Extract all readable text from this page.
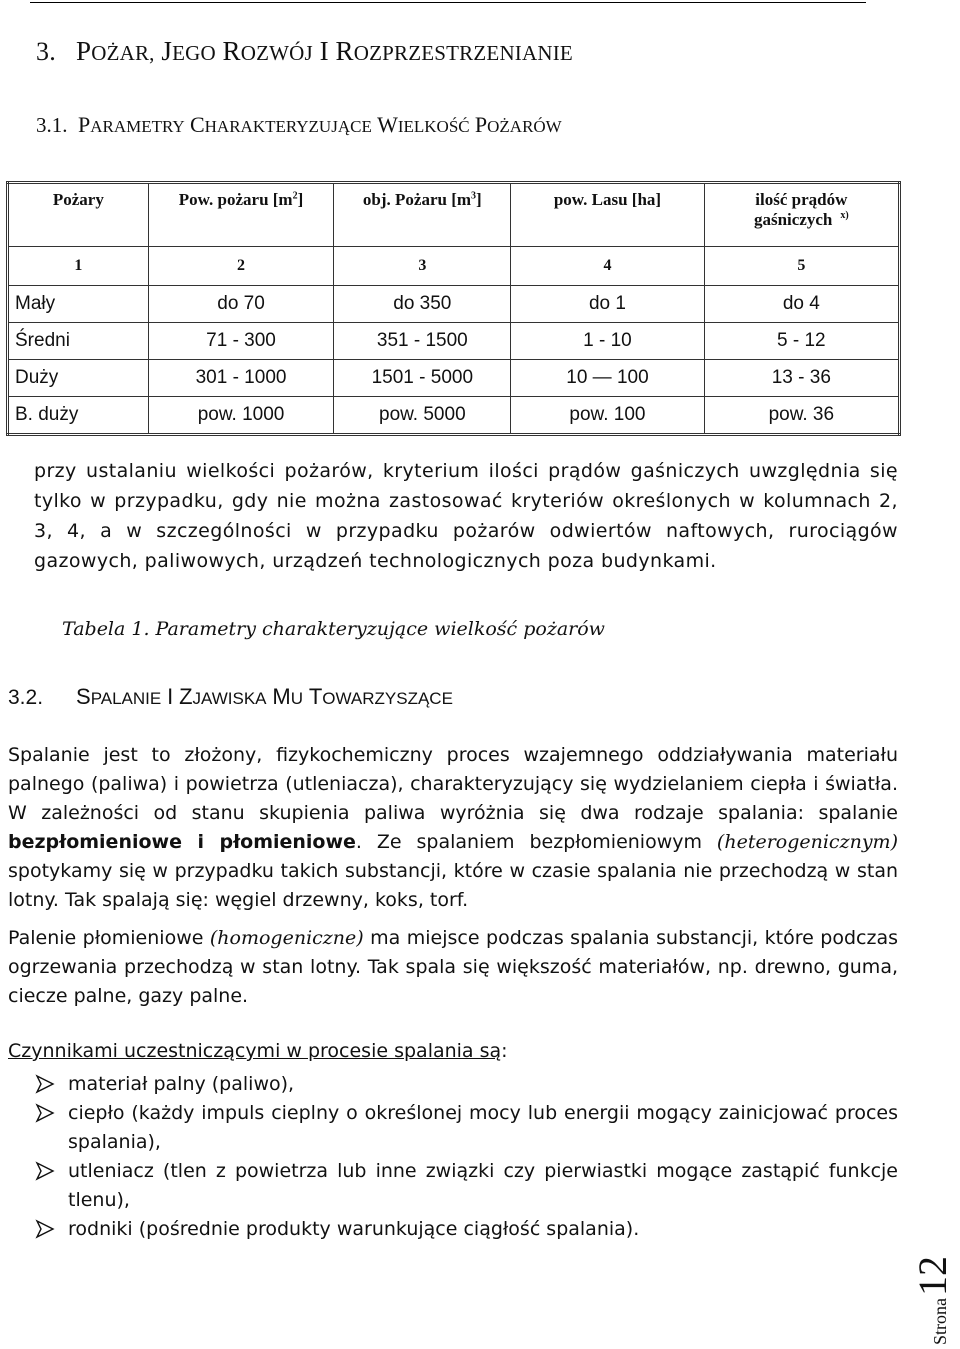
3. POŻAR, JEGO ROZWÓJ I ROZPRZESTRZENIANIE
3.1. PARAMETRY CHARAKTERYZUJĄCE WIELKOŚĆ POŻARÓW
Pożary	Pow. pożaru $[m^2]$	obj. Pożaru $[m^3]$	pow. Lasu [ha]	ilość prądów
gaśniczych $^{x)}$

1	2	3	4	5
Mały	do 70	do 350	do 1	do 4
Średni	71 - 300	351 - 1500	1 - 10	5 - 12
Duży	301 - 1000	1501 - 5000	10 — 100	13 - 36
B. duży	pow. 1000	pow. 5000	pow. 100	pow. 36
przy ustalaniu wielkości pożarów, kryterium ilości prądów gaśniczych uwzględnia się tylko w przypadku, gdy nie można zastosować kryteriów określonych w kolumnach 2, 3, 4, a w szczególności w przypadku pożarów odwiertów naftowych, rurociągów gazowych, paliwowych, urządzeń technologicznych poza budynkami.
Tabela 1. Parametry charakteryzujące wielkość pożarów
3.2. SPALANIE I ZJAWISKA MU TOWARZYSZĄCE

Spalanie jest to złożony, fizykochemiczny proces wzajemnego oddziaływania materiału palnego (paliwa) i powietrza (utleniacza), charakteryzujący się wydzielaniem ciepła i światła. W zależności od stanu skupienia paliwa wyróżnia się dwa rodzaje spalania: spalanie bezpłomieniowe i płomieniowe. Ze spalaniem bezpłomieniowym (heterogenicznym) spotykamy się w przypadku takich substancji, które w czasie spalania nie przechodzą w stan lotny. Tak spalają się: węgiel drzewny, koks, torf.

Palenie płomieniowe (homogeniczne) ma miejsce podczas spalania substancji, które podczas ogrzewania przechodzą w stan lotny. Tak spala się większość materiałów, np. drewno, guma, ciecze palne, gazy palne.

Czynnikami uczestniczącymi w procesie spalania są:

materiał palny (paliwo),
ciepło (każdy impuls cieplny o określonej mocy lub energii mogący zainicjować proces spalania),
utleniacz (tlen z powietrza lub inne związki czy pierwiastki mogące zastąpić funkcje tlenu),
rodniki (pośrednie produkty warunkujące ciągłość spalania).
Strona12
